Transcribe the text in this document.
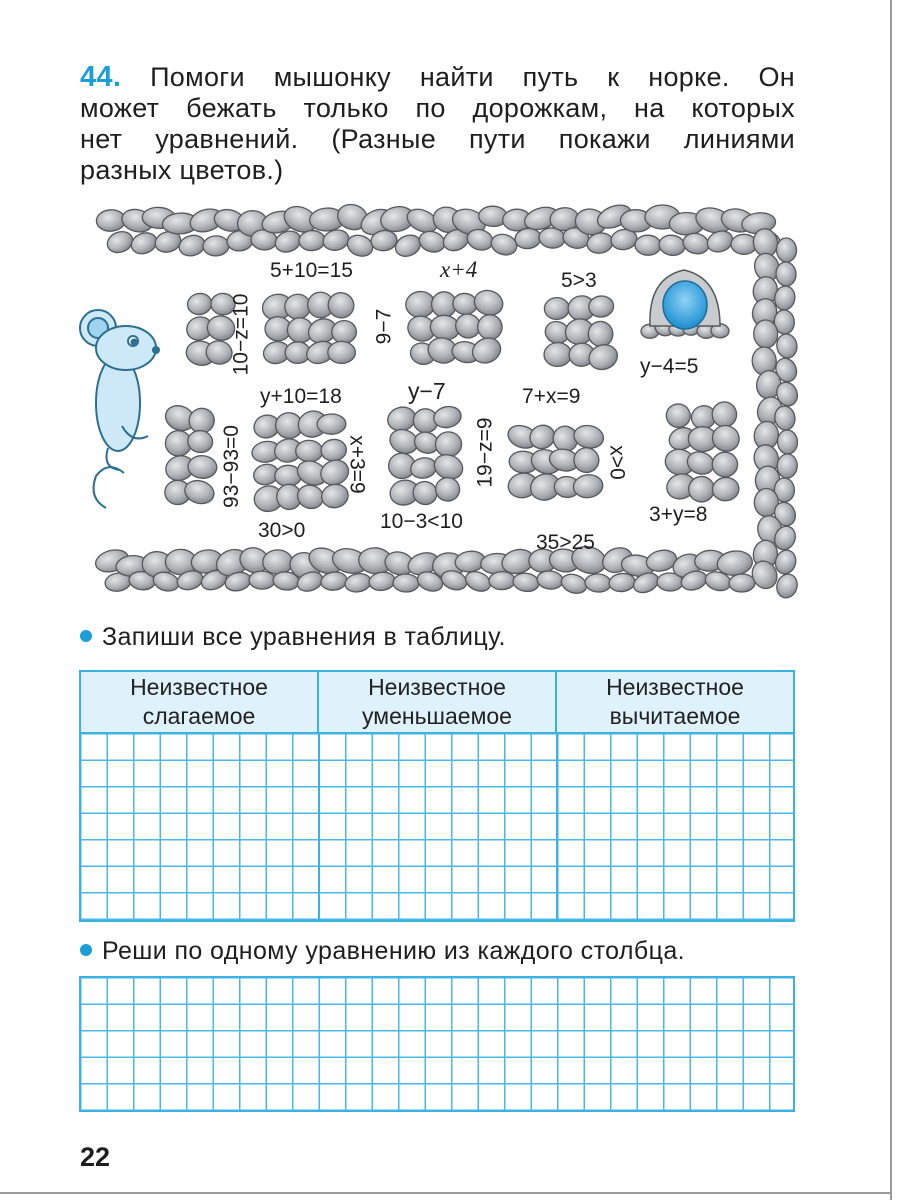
44. Помоги мышонку найти путь к норке. Он
может бежать только по дорожкам, на которых
нет уравнений. (Разные пути покажи линиями
разных цветов.)
5+10=15	x+4	5>3
10−z=10	9−7
y+10=18	y−7	7+x=9
y−4=5
93−93=0	x+3=9	19−z=9	x>0
30>0	10−3<10
35>25
3+y=8
Запиши все уравнения в таблицу.
Неизвестное
слагаемое
Неизвестное
уменьшаемое
Неизвестное
вычитаемое
Реши по одному уравнению из каждого столбца.
22
